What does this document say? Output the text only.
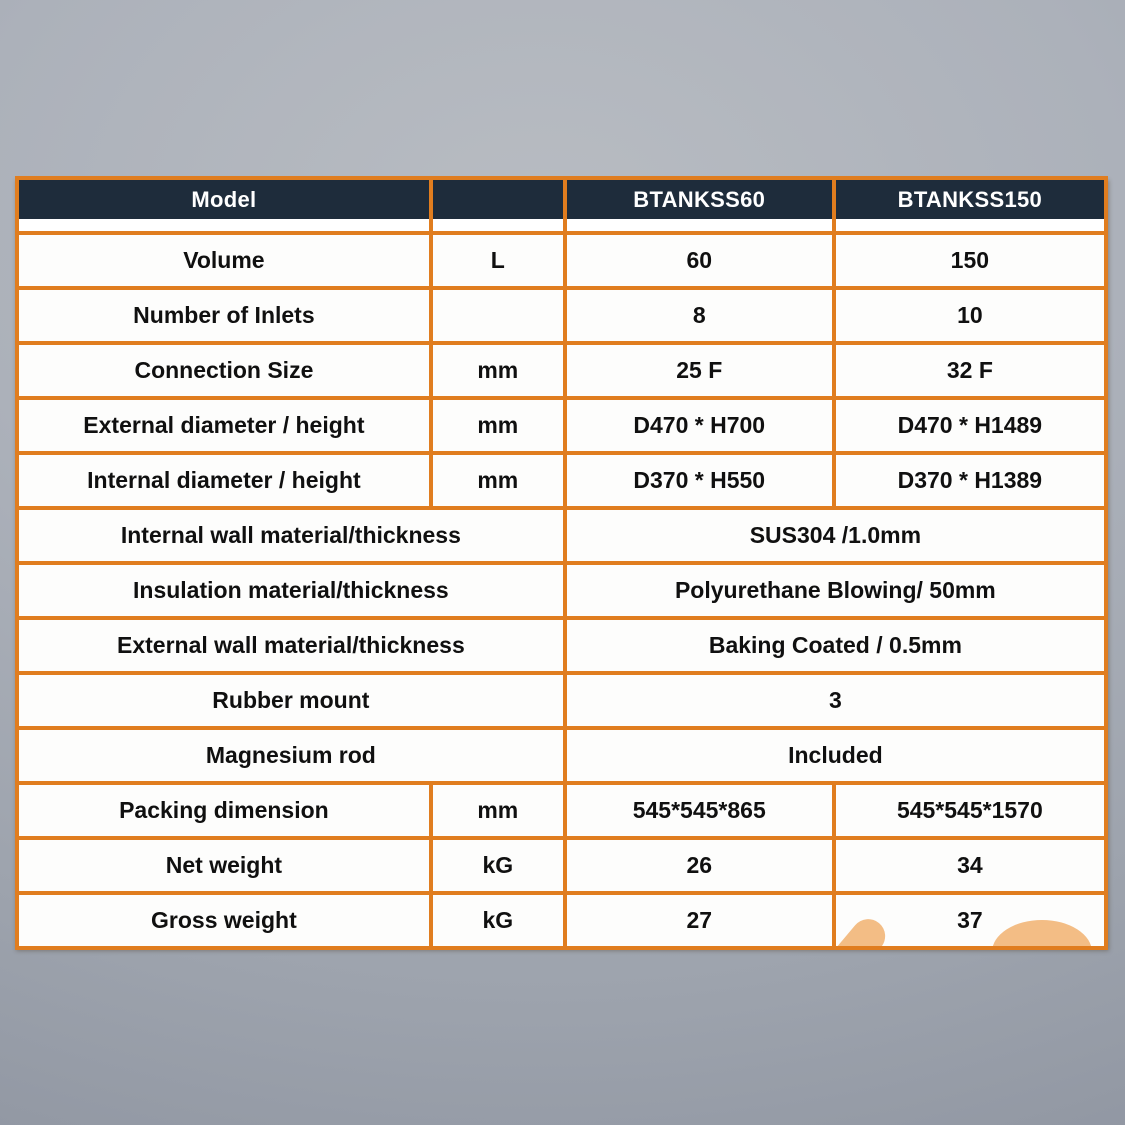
Model		BTANKSS60	BTANKSS150
Volume	L	60	150
Number of Inlets		8	10
Connection Size	mm	25 F	32 F
External diameter / height	mm	D470 * H700	D470 * H1489
Internal diameter / height	mm	D370 * H550	D370 * H1389
Internal wall material/thickness		SUS304 /1.0mm	
Insulation material/thickness		Polyurethane Blowing/ 50mm	
External wall material/thickness		Baking Coated / 0.5mm	
Rubber mount		3	
Magnesium rod		Included	
Packing dimension	mm	545*545*865	545*545*1570
Net weight	kG	26	34
Gross weight	kG	27	37
